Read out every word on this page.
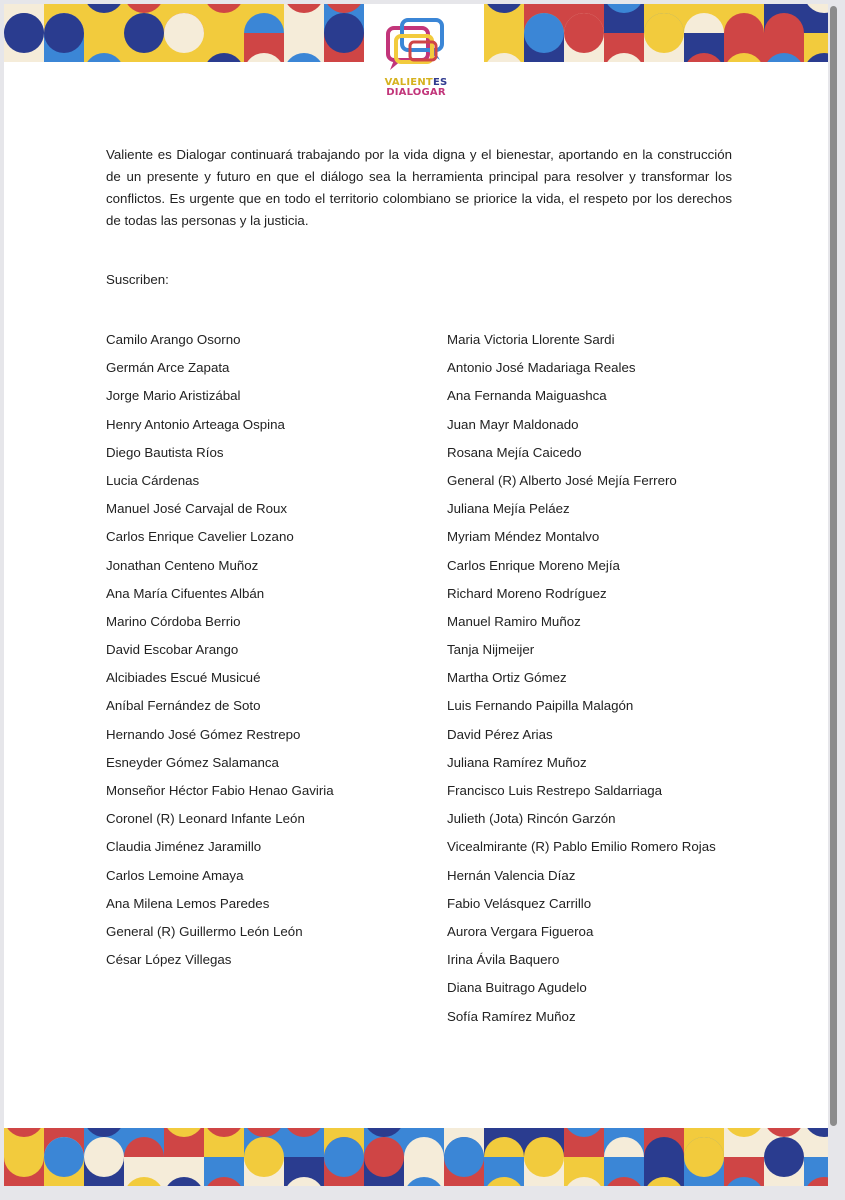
VALIENTES
DIALOGAR

Valiente es Dialogar continuará trabajando por la vida digna y el bienestar, aportando en la construcción de un presente y futuro en que el diálogo sea la herramienta principal para resolver y transformar los conflictos. Es urgente que en todo el territorio colombiano se priorice la vida, el respeto por los derechos de todas las personas y la justicia.

Suscriben:
Camilo Arango Osorno
Germán Arce Zapata
Jorge Mario Aristizábal
Henry Antonio Arteaga Ospina
Diego Bautista Ríos
Lucia Cárdenas
Manuel José Carvajal de Roux
Carlos Enrique Cavelier Lozano
Jonathan Centeno Muñoz
Ana María Cifuentes Albán
Marino Córdoba Berrio
David Escobar Arango
Alcibiades Escué Musicué
Aníbal Fernández de Soto
Hernando José Gómez Restrepo
Esneyder Gómez Salamanca
Monseñor Héctor Fabio Henao Gaviria
Coronel (R) Leonard Infante León
Claudia Jiménez Jaramillo
Carlos Lemoine Amaya
Ana Milena Lemos Paredes
General (R) Guillermo León León
César López Villegas
Maria Victoria Llorente Sardi
Antonio José Madariaga Reales
Ana Fernanda Maiguashca
Juan Mayr Maldonado
Rosana Mejía Caicedo
General (R) Alberto José Mejía Ferrero
Juliana Mejía Peláez
Myriam Méndez Montalvo
Carlos Enrique Moreno Mejía
Richard Moreno Rodríguez
Manuel Ramiro Muñoz
Tanja Nijmeijer
Martha Ortiz Gómez
Luis Fernando Paipilla Malagón
David Pérez Arias
Juliana Ramírez Muñoz
Francisco Luis Restrepo Saldarriaga
Julieth (Jota) Rincón Garzón
Vicealmirante (R) Pablo Emilio Romero Rojas
Hernán Valencia Díaz
Fabio Velásquez Carrillo
Aurora Vergara Figueroa
Irina Ávila Baquero
Diana Buitrago Agudelo
Sofía Ramírez Muñoz
